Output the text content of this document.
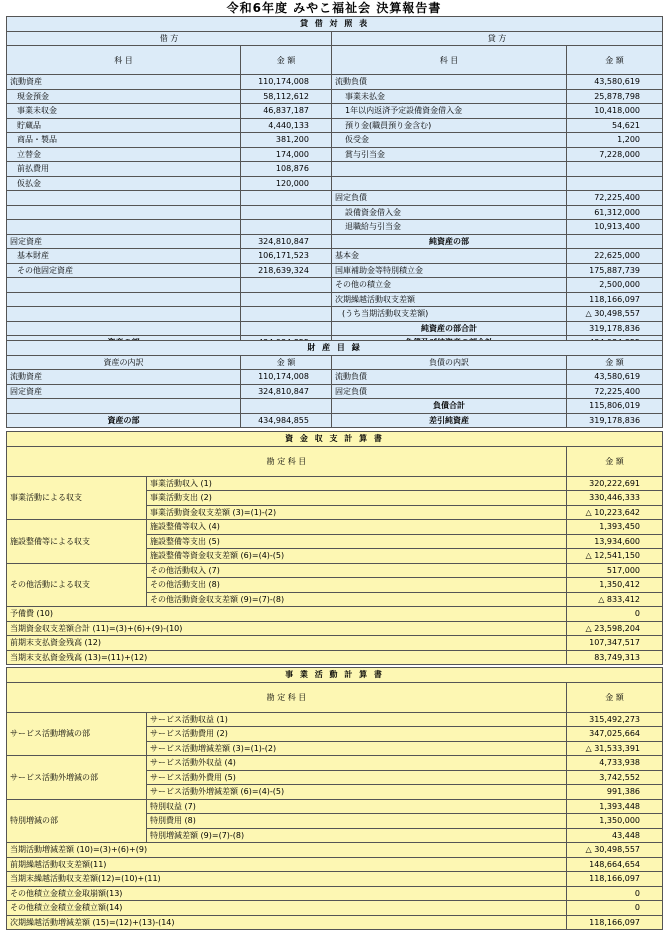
令和6年度 みやこ福祉会 決算報告書
貸 借 対 照 表			
借 方		貸 方	
科 目	金 額	科 目	金 額
流動資産	110,174,008	流動負債	43,580,619
現金預金	58,112,612	事業未払金	25,878,798
事業未収金	46,837,187	1年以内返済予定設備資金借入金	10,418,000
貯蔵品	4,440,133	預り金(職員預り金含む)	54,621
商品・製品	381,200	仮受金	1,200
立替金	174,000	賞与引当金	7,228,000
前払費用	108,876		
仮払金	120,000		
		固定負債	72,225,400
		設備資金借入金	61,312,000
		退職給与引当金	10,913,400
固定資産	324,810,847	純資産の部	
基本財産	106,171,523	基本金	22,625,000
その他固定資産	218,639,324	国庫補助金等特別積立金	175,887,739
		その他の積立金	2,500,000
		次期繰越活動収支差額	118,166,097
		(うち当期活動収支差額)	△ 30,498,557
		純資産の部合計	319,178,836

財 産 目 録			
資産の内訳	金 額	負債の内訳	金 額
流動資産	110,174,008	流動負債	43,580,619
固定資産	324,810,847	固定負債	72,225,400
		負債合計	115,806,019
資産の部	434,984,855	差引純資産	319,178,836
資 金 収 支 計 算 書		
勘 定 科 目		金 額
事業活動による収支	事業活動収入 (1)	320,222,691
	事業活動支出 (2)	330,446,333
	事業活動資金収支差額 (3)=(1)-(2)	△ 10,223,642
施設整備等による収支	施設整備等収入 (4)	1,393,450
	施設整備等支出 (5)	13,934,600
	施設整備等資金収支差額 (6)=(4)-(5)	△ 12,541,150
その他活動による収支	その他活動収入 (7)	517,000
	その他活動支出 (8)	1,350,412
	その他活動資金収支差額 (9)=(7)-(8)	△ 833,412
予備費 (10)		0
当期資金収支差額合計 (11)=(3)+(6)+(9)-(10)		△ 23,598,204
前期末支払資金残高 (12)		107,347,517
当期末支払資金残高 (13)=(11)+(12)		83,749,313
事 業 活 動 計 算 書		
勘 定 科 目		金 額
サービス活動増減の部	サービス活動収益 (1)	315,492,273
	サービス活動費用 (2)	347,025,664
	サービス活動増減差額 (3)=(1)-(2)	△ 31,533,391
サービス活動外増減の部	サービス活動外収益 (4)	4,733,938
	サービス活動外費用 (5)	3,742,552
	サービス活動外増減差額 (6)=(4)-(5)	991,386
特別増減の部	特別収益 (7)	1,393,448
	特別費用 (8)	1,350,000
	特別増減差額 (9)=(7)-(8)	43,448
当期活動増減差額 (10)=(3)+(6)+(9)		△ 30,498,557
前期繰越活動収支差額(11)		148,664,654
当期末繰越活動収支差額(12)=(10)+(11)		118,166,097
その他積立金積立金取崩額(13)		0
その他積立金積立金積立額(14)		0
次期繰越活動増減差額 (15)=(12)+(13)-(14)		118,166,097
